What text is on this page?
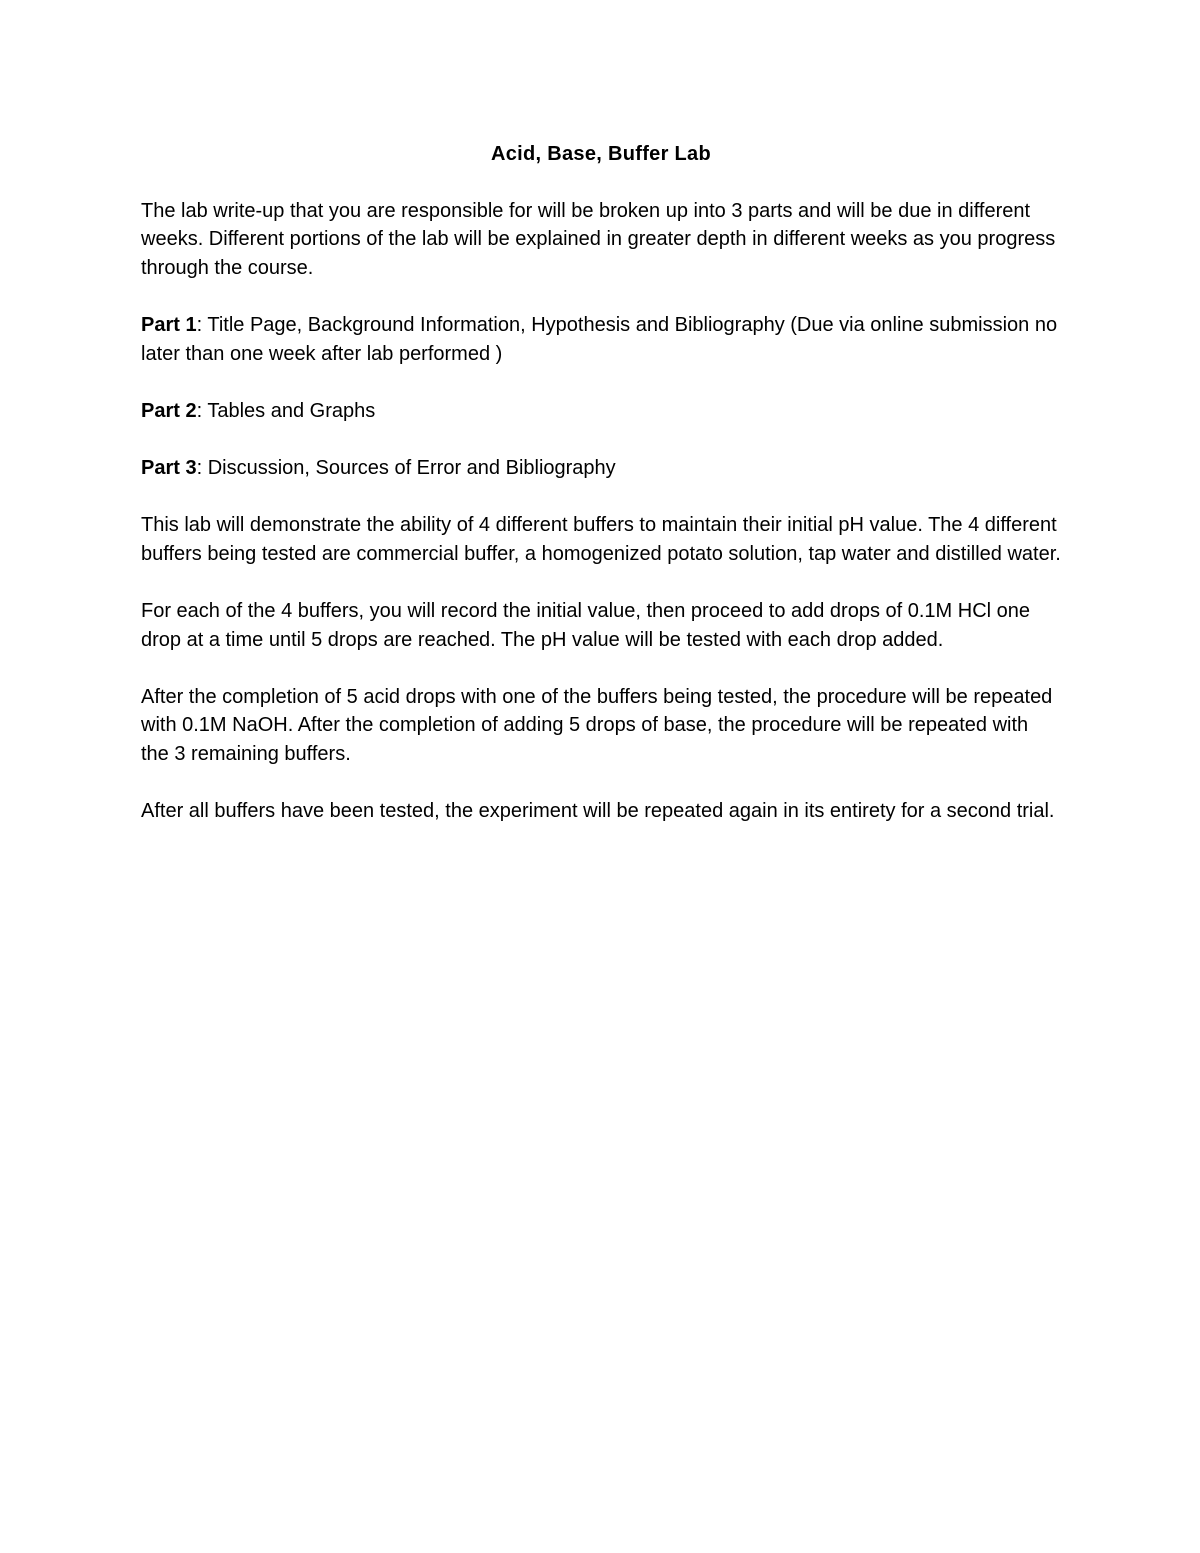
Acid, Base, Buffer Lab

The lab write-up that you are responsible for will be broken up into 3 parts and will be due in different weeks. Different portions of the lab will be explained in greater depth in different weeks as you progress through the course.

Part 1: Title Page, Background Information, Hypothesis and Bibliography (Due via online submission no later than one week after lab performed )

Part 2: Tables and Graphs

Part 3: Discussion, Sources of Error and Bibliography

This lab will demonstrate the ability of 4 different buffers to maintain their initial pH value. The 4 different buffers being tested are commercial buffer, a homogenized potato solution, tap water and distilled water.

For each of the 4 buffers, you will record the initial value, then proceed to add drops of 0.1M HCl one drop at a time until 5 drops are reached. The pH value will be tested with each drop added.

After the completion of 5 acid drops with one of the buffers being tested, the procedure will be repeated with 0.1M NaOH. After the completion of adding 5 drops of base, the procedure will be repeated with the 3 remaining buffers.

After all buffers have been tested, the experiment will be repeated again in its entirety for a second trial.
